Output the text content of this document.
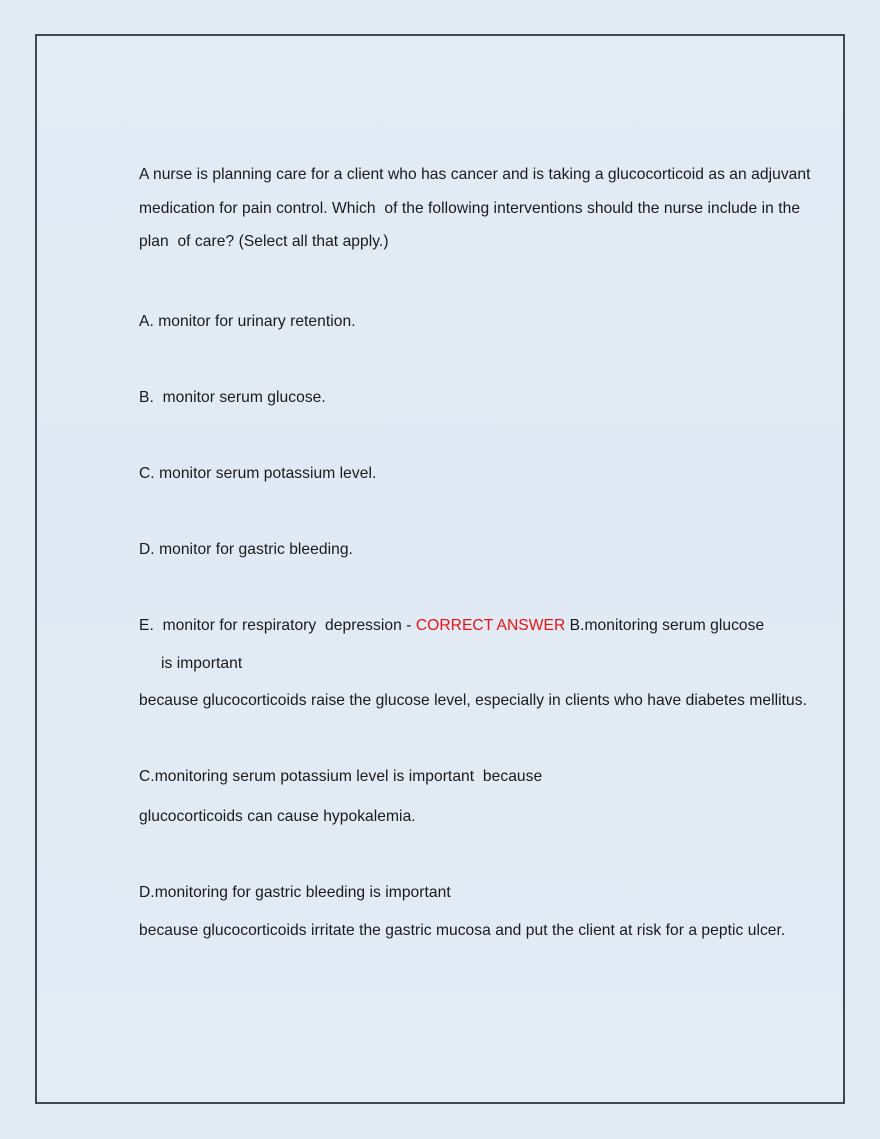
A nurse is planning care for a client who has cancer and is taking a glucocorticoid as an adjuvant medication for pain control. Which  of the following interventions should the nurse include in the plan  of care? (Select all that apply.)

A. monitor for urinary retention.

B.  monitor serum glucose.

C. monitor serum potassium level.

D. monitor for gastric bleeding.

E.  monitor for respiratory  depression - CORRECT ANSWER B.monitoring serum glucose

is important

because glucocorticoids raise the glucose level, especially in clients who have diabetes mellitus.

C.monitoring serum potassium level is important  because

glucocorticoids can cause hypokalemia.

D.monitoring for gastric bleeding is important

because glucocorticoids irritate the gastric mucosa and put the client at risk for a peptic ulcer.
